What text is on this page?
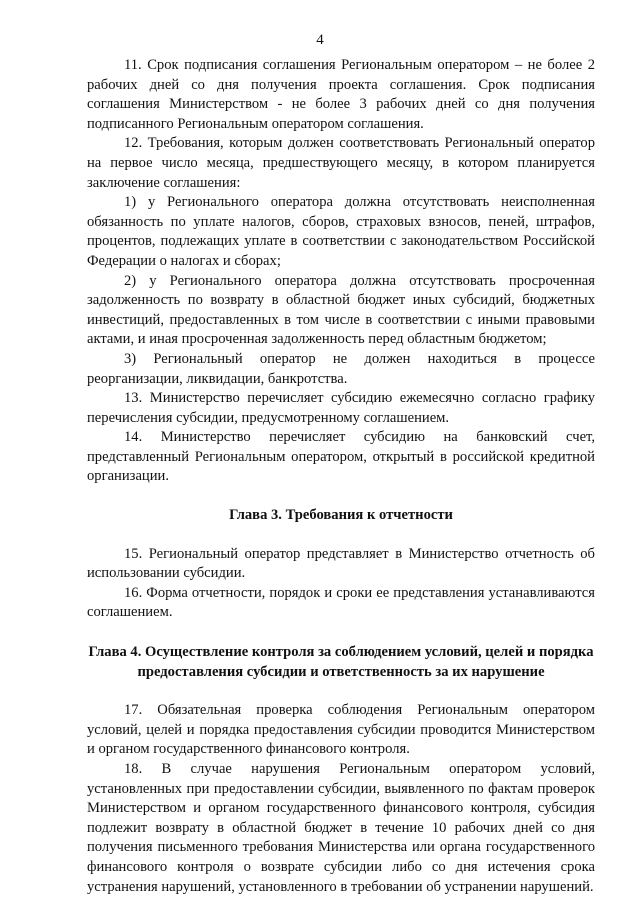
4

11. Срок подписания соглашения Региональным оператором – не более 2 рабочих дней со дня получения проекта соглашения. Срок подписания соглашения Министерством - не более 3 рабочих дней со дня получения подписанного Региональным оператором соглашения.

12. Требования, которым должен соответствовать Региональный оператор на первое число месяца, предшествующего месяцу, в котором планируется заключение соглашения:

1) у Регионального оператора должна отсутствовать неисполненная обязанность по уплате налогов, сборов, страховых взносов, пеней, штрафов, процентов, подлежащих уплате в соответствии с законодательством Российской Федерации о налогах и сборах;

2) у Регионального оператора должна отсутствовать просроченная задолженность по возврату в областной бюджет иных субсидий, бюджетных инвестиций, предоставленных в том числе в соответствии с иными правовыми актами, и иная просроченная задолженность перед областным бюджетом;

3) Региональный оператор не должен находиться в процессе реорганизации, ликвидации, банкротства.

13. Министерство перечисляет субсидию ежемесячно согласно графику перечисления субсидии, предусмотренному соглашением.

14. Министерство перечисляет субсидию на банковский счет, представленный Региональным оператором, открытый в российской кредитной организации.

Глава 3. Требования к отчетности

15. Региональный оператор представляет в Министерство отчетность об использовании субсидии.

16. Форма отчетности, порядок и сроки ее представления устанавливаются соглашением.

Глава 4. Осуществление контроля за соблюдением условий, целей и порядка предоставления субсидии и ответственность за их нарушение

17. Обязательная проверка соблюдения Региональным оператором условий, целей и порядка предоставления субсидии проводится Министерством и органом государственного финансового контроля.

18. В случае нарушения Региональным оператором условий, установленных при предоставлении субсидии, выявленного по фактам проверок Министерством и органом государственного финансового контроля, субсидия подлежит возврату в областной бюджет в течение 10 рабочих дней со дня получения письменного требования Министерства или органа государственного финансового контроля о возврате субсидии либо со дня истечения срока устранения нарушений, установленного в требовании об устранении нарушений.
